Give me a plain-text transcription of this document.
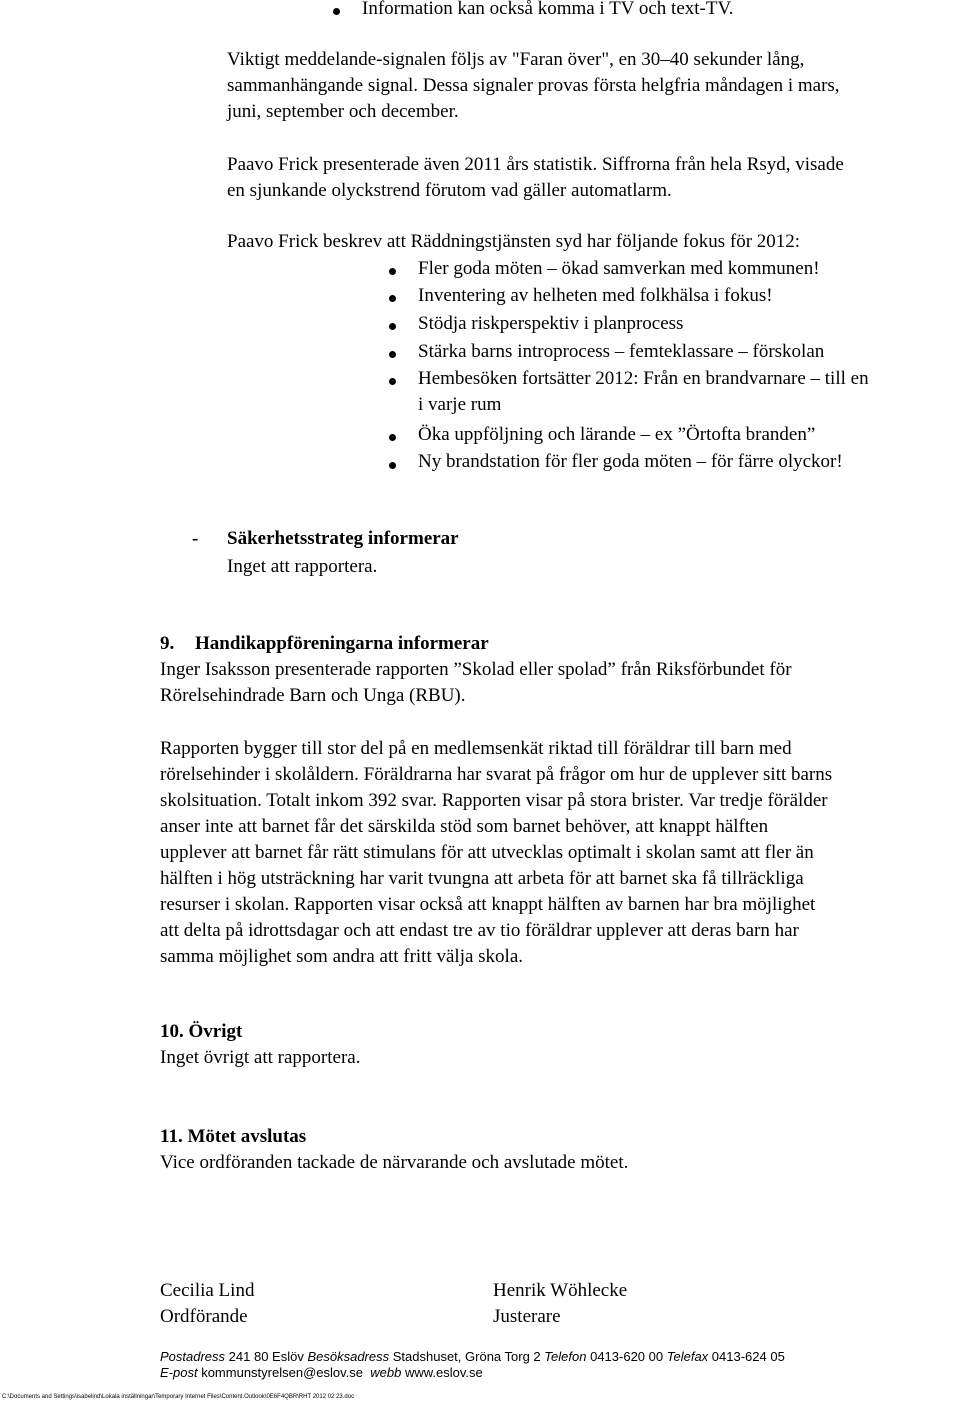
Information kan också komma i TV och text-TV.

Viktigt meddelande-signalen följs av "Faran över", en 30–40 sekunder lång,
sammanhängande signal. Dessa signaler provas första helgfria måndagen i mars,
juni, september och december.
Paavo Frick presenterade även 2011 års statistik. Siffrorna från hela Rsyd, visade
en sjunkande olyckstrend förutom vad gäller automatlarm.

Paavo Frick beskrev att Räddningstjänsten syd har följande fokus för 2012:

Fler goda möten – ökad samverkan med kommunen!

Inventering av helheten med folkhälsa i fokus!

Stödja riskperspektiv i planprocess

Stärka barns introprocess – femteklassare – förskolan

Hembesöken fortsätter 2012: Från en brandvarnare – till en

i varje rum

Öka uppföljning och lärande – ex ”Örtofta branden”

Ny brandstation för fler goda möten – för färre olyckor!

- Säkerhetsstrateg informerar

Inget att rapportera.

9. Handikappföreningarna informerar

Inger Isaksson presenterade rapporten ”Skolad eller spolad” från Riksförbundet för
Rörelsehindrade Barn och Unga (RBU).
Rapporten bygger till stor del på en medlemsenkät riktad till föräldrar till barn med
rörelsehinder i skolåldern. Föräldrarna har svarat på frågor om hur de upplever sitt barns
skolsituation. Totalt inkom 392 svar. Rapporten visar på stora brister. Var tredje förälder
anser inte att barnet får det särskilda stöd som barnet behöver, att knappt hälften
upplever att barnet får rätt stimulans för att utvecklas optimalt i skolan samt att fler än
hälften i hög utsträckning har varit tvungna att arbeta för att barnet ska få tillräckliga
resurser i skolan. Rapporten visar också att knappt hälften av barnen har bra möjlighet
att delta på idrottsdagar och att endast tre av tio föräldrar upplever att deras barn har
samma möjlighet som andra att fritt välja skola.

10. Övrigt

Inget övrigt att rapportera.

11. Mötet avslutas

Vice ordföranden tackade de närvarande och avslutade mötet.

Cecilia Lind

Ordförande

Henrik Wöhlecke

Justerare

Postadress 241 80 Eslöv Besöksadress Stadshuset, Gröna Torg 2 Telefon 0413-620 00 Telefax 0413-624 05
E-post kommunstyrelsen@eslov.se webb www.eslov.se

C:\Documents and Settings\isabelind\Lokala inställningar\Temporary Internet Files\Content.Outlook\0E6F4QBR\RHT 2012 02 23.doc
